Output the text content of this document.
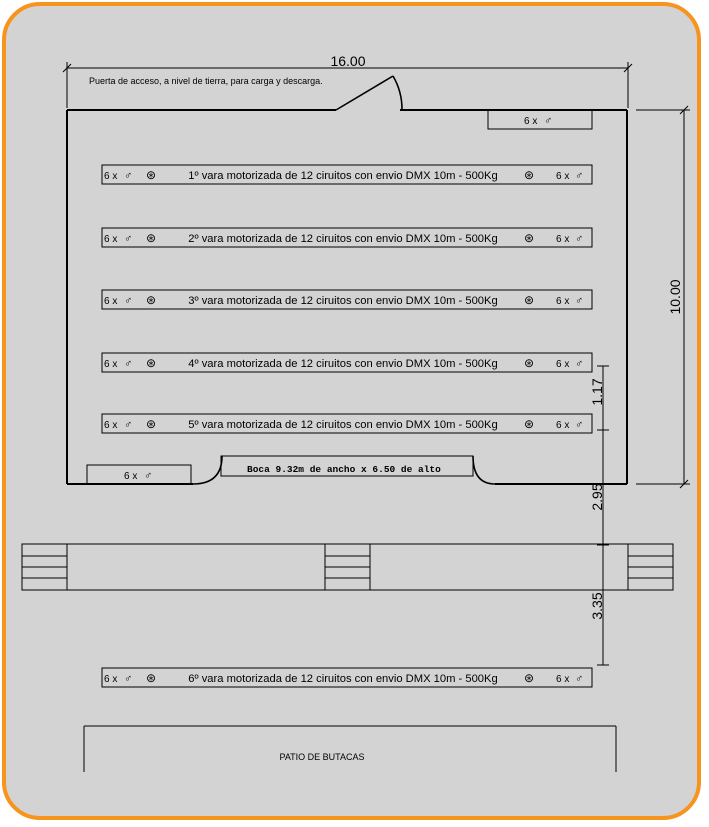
16.00
Puerta de acceso, a nivel de tierra, para carga y descarga.
Boca 9.32m de ancho x 6.50 de alto
6 x ♂
6 x ♂
6 x ♂ ⊛	1º vara motorizada de 12 ciruitos con envio DMX 10m - 500Kg ⊛ 6 x ♂
6 x ♂ ⊛	2º vara motorizada de 12 ciruitos con envio DMX 10m - 500Kg ⊛ 6 x ♂
6 x ♂ ⊛	3º vara motorizada de 12 ciruitos con envio DMX 10m - 500Kg ⊛ 6 x ♂
6 x ♂ ⊛	4º vara motorizada de 12 ciruitos con envio DMX 10m - 500Kg ⊛ 6 x ♂
6 x ♂ ⊛	5º vara motorizada de 12 ciruitos con envio DMX 10m - 500Kg ⊛ 6 x ♂
6 x ♂ ⊛	6º vara motorizada de 12 ciruitos con envio DMX 10m - 500Kg ⊛ 6 x ♂
10.00
1.17
2.95
3.35
PATIO DE BUTACAS
